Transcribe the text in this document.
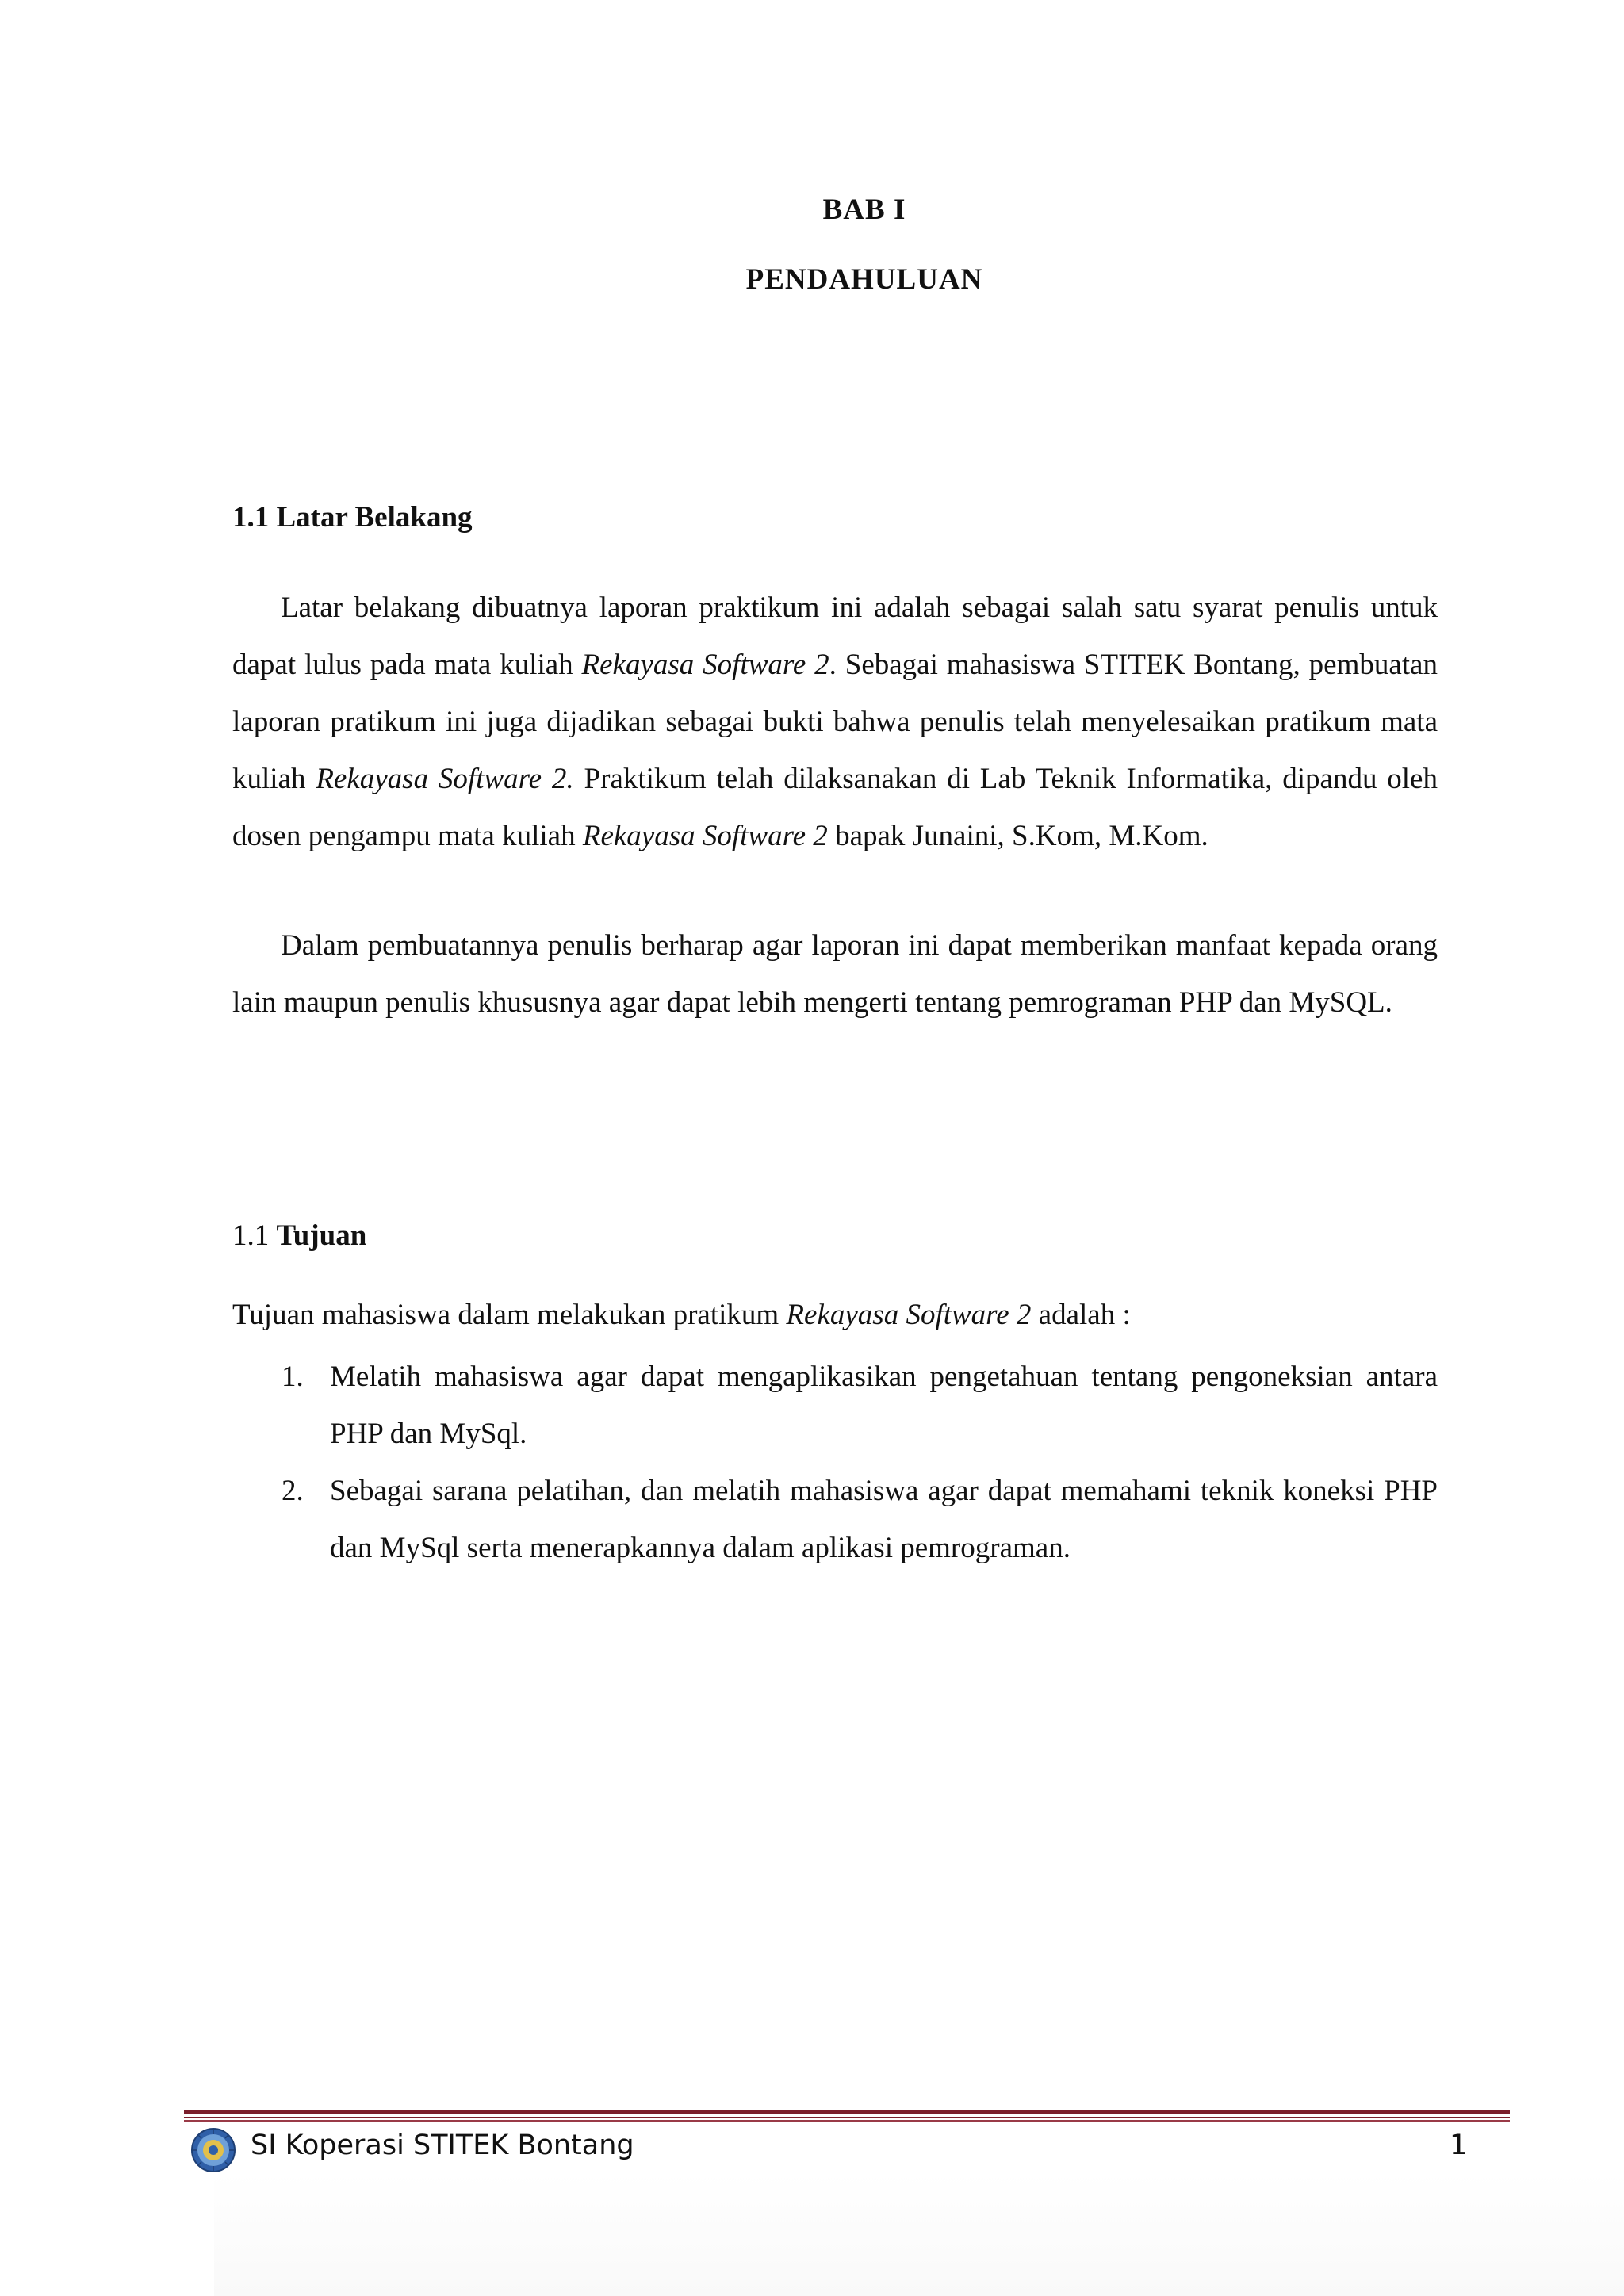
BAB I
PENDAHULUAN
1.1 Latar Belakang

Latar belakang dibuatnya laporan praktikum ini adalah sebagai salah satu syarat penulis untuk dapat lulus pada mata kuliah Rekayasa Software 2. Sebagai mahasiswa STITEK Bontang, pembuatan laporan pratikum ini juga dijadikan sebagai bukti bahwa penulis telah menyelesaikan pratikum mata kuliah Rekayasa Software 2. Praktikum telah dilaksanakan di Lab Teknik Informatika, dipandu oleh dosen pengampu mata kuliah Rekayasa Software 2 bapak Junaini, S.Kom, M.Kom.

Dalam pembuatannya penulis berharap agar laporan ini dapat memberikan manfaat kepada orang lain maupun penulis khususnya agar dapat lebih mengerti tentang pemrograman PHP dan MySQL.

1.1 Tujuan
Tujuan mahasiswa dalam melakukan pratikum Rekayasa Software 2 adalah :
1. Melatih mahasiswa agar dapat mengaplikasikan pengetahuan tentang pengoneksian antara PHP dan MySql.
2. Sebagai sarana pelatihan, dan melatih mahasiswa agar dapat memahami teknik koneksi PHP dan MySql serta menerapkannya dalam aplikasi pemrograman.
SI Koperasi STITEK Bontang	1
